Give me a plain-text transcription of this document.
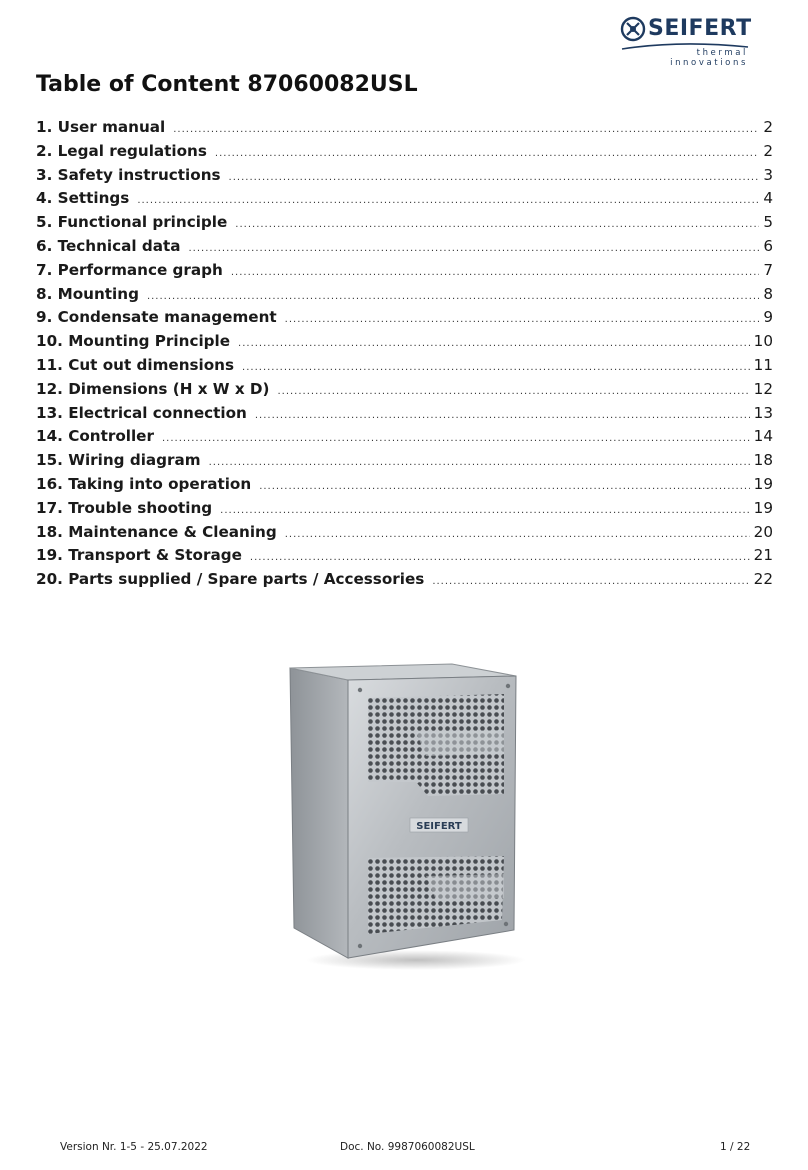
SEIFERT
thermal innovations
Table of Content 87060082USL
1. User manual .....	2
2. Legal regulations .....	2
3. Safety instructions .....	3
4. Settings .....	4
5. Functional principle .....	5
6. Technical data .....	6
7. Performance graph .....	7
8. Mounting .....	8
9. Condensate management .....	9
10. Mounting Principle .....	10
11. Cut out dimensions .....	11
12. Dimensions (H x W x D) .....	12
13. Electrical connection .....	13
14. Controller .....	14
15. Wiring diagram .....	18
16. Taking into operation .....	19
17. Trouble shooting .....	19
18. Maintenance & Cleaning .....	20
19. Transport & Storage .....	21
20. Parts supplied / Spare parts / Accessories .....	22
SEIFERT
Version Nr. 1-5 - 25.07.2022	Doc. No. 9987060082USL	1 / 22
